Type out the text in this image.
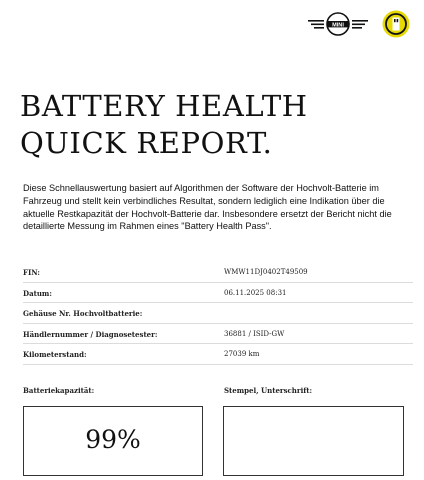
MINI
BATTERY HEALTH
QUICK REPORT.

Diese Schnellauswertung basiert auf Algorithmen der Software der Hochvolt-Batterie im Fahrzeug und stellt kein verbindliches Resultat, sondern lediglich eine Indikation über die aktuelle Restkapazität der Hochvolt-Batterie dar. Insbesondere ersetzt der Bericht nicht die detaillierte Messung im Rahmen eines "Battery Health Pass".

FIN:	WMW11DJ0402T49509
Datum:	06.11.2025 08:31
Gehäuse Nr. Hochvoltbatterie:
Händlernummer / Diagnosetester:	36881 / ISID-GW
Kilometerstand:	27039 km
Batteriekapazität:	Stempel, Unterschrift:
99%
